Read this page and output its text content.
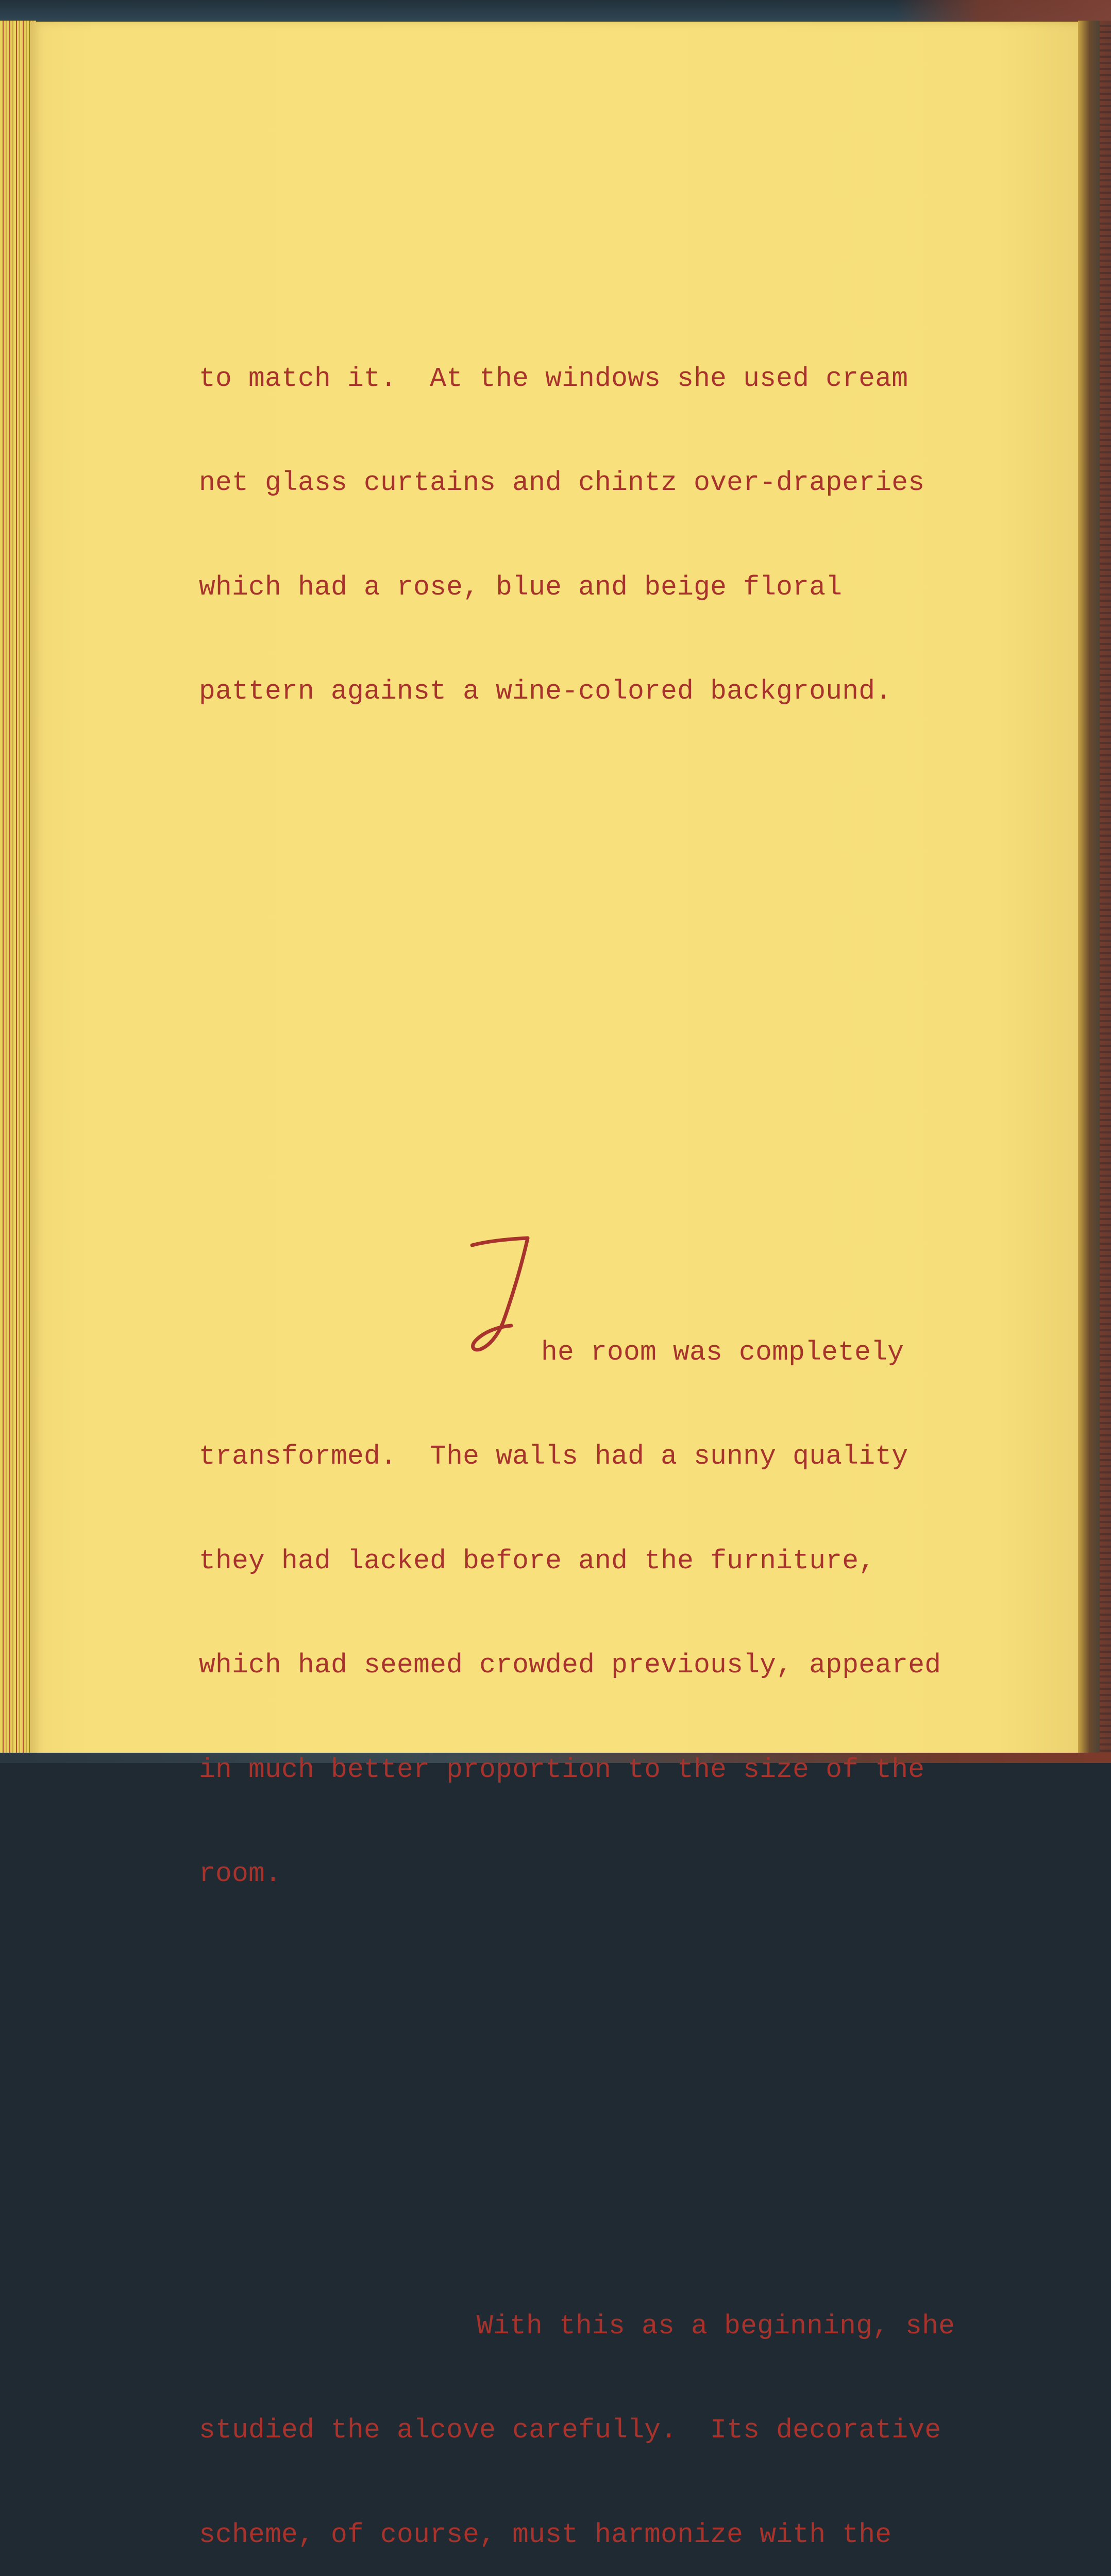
to match it.  At the windows she used cream

net glass curtains and chintz over-draperies

which had a rose, blue and beige floral

pattern against a wine-colored background.

he room was completely

transformed.  The walls had a sunny quality

they had lacked before and the furniture,

which had seemed crowded previously, appeared

in much better proportion to the size of the

room.

With this as a beginning, she

studied the alcove carefully.  Its decorative

scheme, of course, must harmonize with the
